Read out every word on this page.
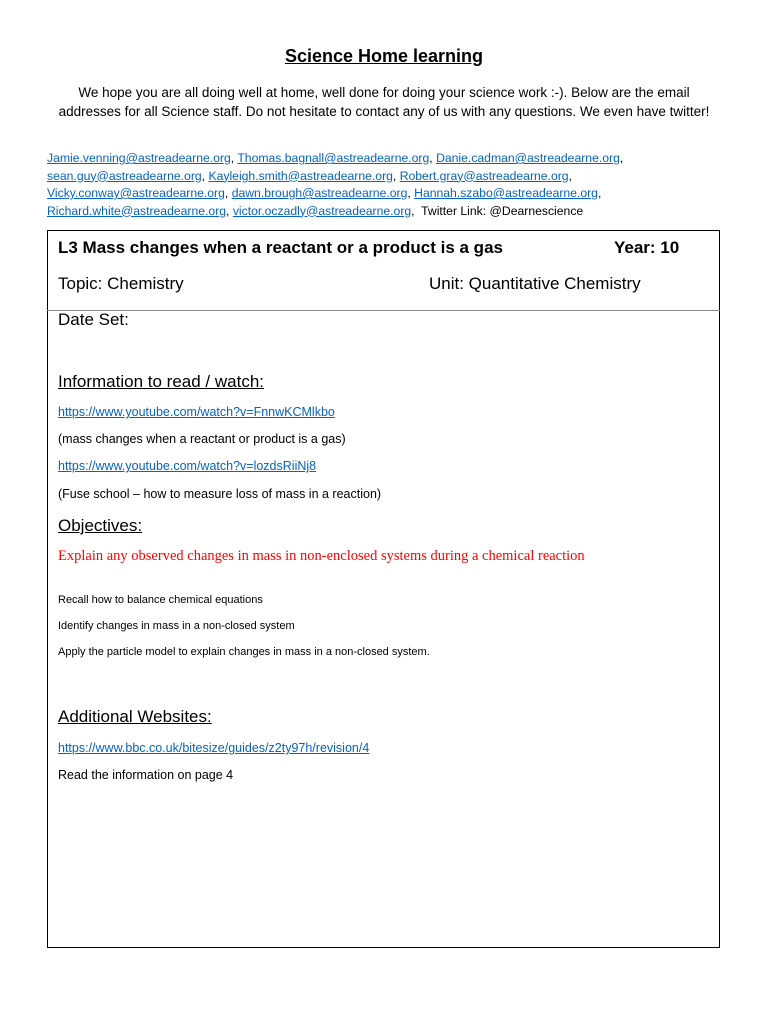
Science Home learning
We hope you are all doing well at home, well done for doing your science work :-). Below are the email addresses for all Science staff. Do not hesitate to contact any of us with any questions. We even have twitter!
Jamie.venning@astreadearne.org, Thomas.bagnall@astreadearne.org, Danie.cadman@astreadearne.org,
sean.guy@astreadearne.org, Kayleigh.smith@astreadearne.org, Robert.gray@astreadearne.org,
Vicky.conway@astreadearne.org, dawn.brough@astreadearne.org, Hannah.szabo@astreadearne.org,
Richard.white@astreadearne.org, victor.oczadly@astreadearne.org,  Twitter Link: @Dearnescience
L3 Mass changes when a reactant or a product is a gas	Year: 10
Topic: Chemistry	Unit: Quantitative Chemistry
Date Set:
Information to read / watch:
https://www.youtube.com/watch?v=FnnwKCMlkbo
(mass changes when a reactant or product is a gas)
https://www.youtube.com/watch?v=lozdsRiiNj8
(Fuse school – how to measure loss of mass in a reaction)
Objectives:
Explain any observed changes in mass in non-enclosed systems during a chemical reaction
Recall how to balance chemical equations
Identify changes in mass in a non-closed system
Apply the particle model to explain changes in mass in a non-closed system.
Additional Websites:
https://www.bbc.co.uk/bitesize/guides/z2ty97h/revision/4
Read the information on page 4
